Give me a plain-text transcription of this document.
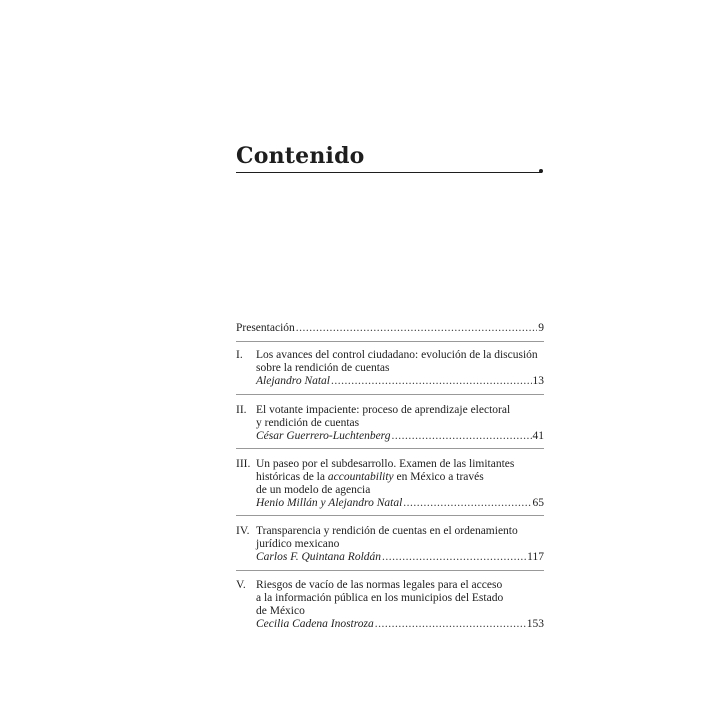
Contenido
Presentación .....	9
I.	Los avances del control ciudadano: evolución de la discusión
sobre la rendición de cuentas
Alejandro Natal .....	13
II. El votante impaciente: proceso de aprendizaje electoral
y rendición de cuentas
César Guerrero-Luchtenberg .....	41
III. Un paseo por el subdesarrollo. Examen de las limitantes
históricas de la accountability en México a través
de un modelo de agencia
Henio Millán y Alejandro Natal .....	65
IV. Transparencia y rendición de cuentas en el ordenamiento
jurídico mexicano
Carlos F. Quintana Roldán .....	117
V. Riesgos de vacío de las normas legales para el acceso
a la información pública en los municipios del Estado
de México
Cecilia Cadena Inostroza .....	153
